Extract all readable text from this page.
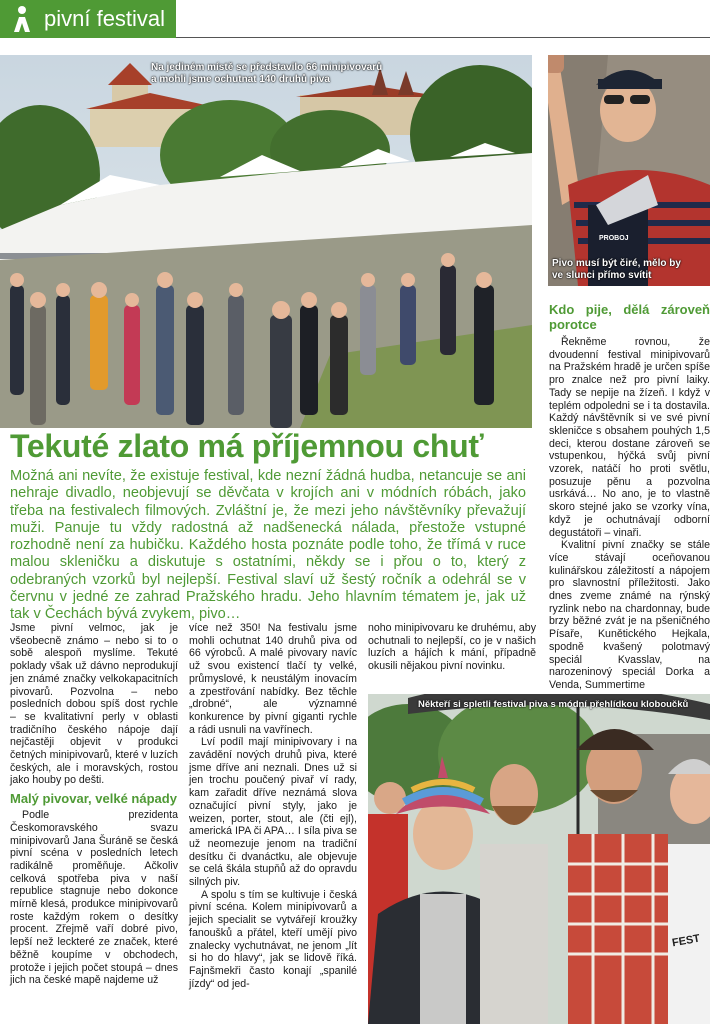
pivní festival
Na jediném místě se představilo 66 minipivovarů
a mohli jsme ochutnat 140 druhů piva
PROBOJ
Pivo musí být čiré, mělo by
ve slunci přímo svítit
Tekuté zlato má příjemnou chuť
Možná ani nevíte, že existuje festival, kde nezní žádná hudba, netancuje se ani nehraje divadlo, neobjevují se děvčata v krojích ani v módních róbách, jako třeba na festivalech filmových. Zvláštní je, že mezi jeho návštěvníky převažují muži. Panuje tu vždy radostná až nadšenecká nálada, přestože vstupné rozhodně není za hubičku. Každého hosta poznáte podle toho, že třímá v ruce malou skleničku a diskutuje s ostatními, někdy se i přou o to, který z odebraných vzorků byl nejlepší. Festival slaví už šestý ročník a odehrál se v červnu v jedné ze zahrad Pražského hradu. Jeho hlavním tématem je, jak už tak v Čechách bývá zvykem, pivo…

Jsme pivní velmoc, jak je všeobecně známo – nebo si to o sobě alespoň myslíme. Tekuté poklady však už dávno neprodukují jen známé značky velkokapacitních pivovarů. Pozvolna – nebo posledních dobou spíš dost rychle – se kvalitativní perly v oblasti tradičního českého nápoje dají nejčastěji objevit v produkci četných minipivovarů, které v luzích českých, ale i moravských, rostou jako houby po dešti.

Malý pivovar, velké nápady

Podle prezidenta Českomoravského svazu minipivovarů Jana Šuráně se česká pivní scéna v posledních letech radikálně proměňuje. Ačkoliv celková spotřeba piva v naší republice stagnuje nebo dokonce mírně klesá, produkce minipivovarů roste každým rokem o desítky procent. Zřejmě vaří dobré pivo, lepší než leckteré ze značek, které běžně koupíme v obchodech, protože i jejich počet stoupá – dnes jich na české mapě najdeme už

více než 350! Na festivalu jsme mohli ochutnat 140 druhů piva od 66 výrobců. A malé pivovary navíc už svou existencí tlačí ty velké, průmyslové, k neustálým inovacím a zpestřování nabídky. Bez těchle „drobné“, ale významné konkurence by pivní giganti rychle a rádi usnuli na vavřínech.

Lví podíl mají minipivovary i na zavádění nových druhů piva, které jsme dříve ani neznali. Dnes už si jen trochu poučený pivař ví rady, kam zařadit dříve neznámá slova označující pivní styly, jako je weizen, porter, stout, ale (čti ejl), americká IPA či APA… I síla piva se už neomezuje jenom na tradiční desítku či dvanáctku, ale objevuje se celá škála stupňů až do opravdu silných piv.

A spolu s tím se kultivuje i česká pivní scéna. Kolem minipivovarů a jejich specialit se vytvářejí kroužky fanoušků a přátel, kteří umějí pivo znalecky vychutnávat, ne jenom „lít si ho do hlavy“, jak se lidově říká. Fajnšmekři často konají „spanilé jízdy“ od jed-

noho minipivovaru ke druhému, aby ochutnali to nejlepší, co je v našich luzích a hájích k mání, případně okusili nějakou pivní novinku.

Kdo pije, dělá zároveň porotce

Řekněme rovnou, že dvoudenní festival minipivovarů na Pražském hradě je určen spíše pro znalce než pro pivní laiky. Tady se nepije na žízeň. I když v teplém odpoledni se i ta dostavila. Každý návštěvník si ve své pivní skleničce s obsahem pouhých 1,5 deci, kterou dostane zároveň se vstupenkou, hýčká svůj pivní vzorek, natáčí ho proti světlu, posuzuje pěnu a pozvolna usrkává… No ano, je to vlastně skoro stejné jako se vzorky vína, když je ochutnávají odborní degustátoři – vinaři.

Kvalitní pivní značky se stále více stávají oceňovanou kulinářskou záležitostí a nápojem pro slavnostní příležitosti. Jako dnes zveme známé na rýnský ryzlink nebo na chardonnay, bude brzy běžné zvát je na pšeničného Písaře, Kunětického Hejkala, spodně kvašený polotmavý speciál Kvasslav, na narozeninový speciál Dorka a Venda, Summertime

FEST
Někteří si spletli festival piva s módní přehlídkou kloboučků
